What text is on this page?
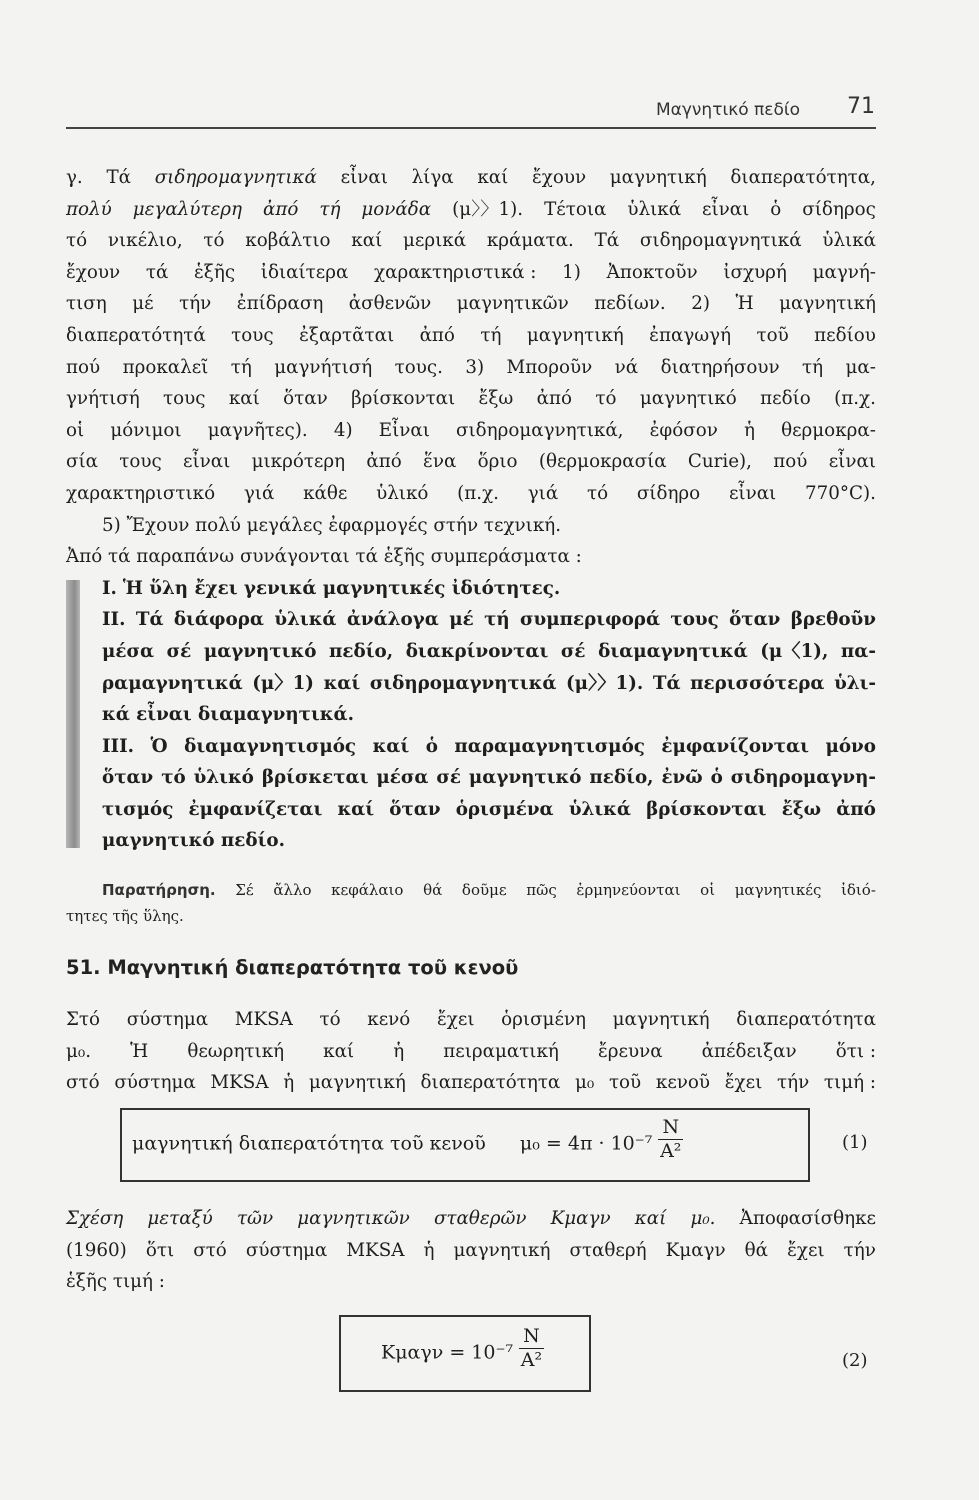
Μαγνητικό πεδίο	71
γ. Τά σιδηρομαγνητικά εἶναι λίγα καί ἔχουν μαγνητική διαπερατότητα,
πολύ μεγαλύτερη ἀπό τή μονάδα (μ〉〉1). Τέτοια ὑλικά εἶναι ὁ σίδηρος
τό νικέλιο, τό κοβάλτιο καί μερικά κράματα. Τά σιδηρομαγνητικά ὑλικά
ἔχουν τά ἑξῆς ἰδιαίτερα χαρακτηριστικά : 1) Ἀποκτοῦν ἰσχυρή μαγνή-
τιση μέ τήν ἐπίδραση ἀσθενῶν μαγνητικῶν πεδίων. 2) Ἡ μαγνητική
διαπερατότητά τους ἐξαρτᾶται ἀπό τή μαγνητική ἐπαγωγή τοῦ πεδίου
πού προκαλεῖ τή μαγνήτισή τους. 3) Μποροῦν νά διατηρήσουν τή μα-
γνήτισή τους καί ὅταν βρίσκονται ἔξω ἀπό τό μαγνητικό πεδίο (π.χ.
οἱ μόνιμοι μαγνῆτες). 4) Εἶναι σιδηρομαγνητικά, ἐφόσον ἡ θερμοκρα-
σία τους εἶναι μικρότερη ἀπό ἕνα ὅριο (θερμοκρασία Curie), πού εἶναι
χαρακτηριστικό γιά κάθε ὑλικό (π.χ. γιά τό σίδηρο εἶναι 770°C).
5) Ἔχουν πολύ μεγάλες ἐφαρμογές στήν τεχνική.
Ἀπό τά παραπάνω συνάγονται τά ἑξῆς συμπεράσματα :
I. Ἡ ὕλη ἔχει γενικά μαγνητικές ἰδιότητες.
II. Τά διάφορα ὑλικά ἀνάλογα μέ τή συμπεριφορά τους ὅταν βρεθοῦν
μέσα σέ μαγνητικό πεδίο, διακρίνονται σέ διαμαγνητικά (μ〈1), πα-
ραμαγνητικά (μ〉1) καί σιδηρομαγνητικά (μ〉〉1). Τά περισσότερα ὑλι-
κά εἶναι διαμαγνητικά.
III. Ὁ διαμαγνητισμός καί ὁ παραμαγνητισμός ἐμφανίζονται μόνο
ὅταν τό ὑλικό βρίσκεται μέσα σέ μαγνητικό πεδίο, ἐνῶ ὁ σιδηρομαγνη-
τισμός ἐμφανίζεται καί ὅταν ὁρισμένα ὑλικά βρίσκονται ἔξω ἀπό
μαγνητικό πεδίο.
Παρατήρηση. Σέ ἄλλο κεφάλαιο θά δοῦμε πῶς ἑρμηνεύονται οἱ μαγνητικές ἰδιό-
τητες τῆς ὕλης.
51. Μαγνητική διαπερατότητα τοῦ κενοῦ
Στό σύστημα MKSA τό κενό ἔχει ὁρισμένη μαγνητική διαπερατότητα
μ₀. Ἡ θεωρητική καί ἡ πειραματική ἔρευνα ἀπέδειξαν ὅτι :
στό σύστημα MKSA ἡ μαγνητική διαπερατότητα μ₀ τοῦ κενοῦ ἔχει τήν τιμή :
μαγνητική διαπερατότητα τοῦ κενοῦ $\mu_0 = 4\pi \cdot 10^{-7} \frac{N}{\text{A²}}$	(1)
Σχέση μεταξύ τῶν μαγνητικῶν σταθερῶν Kμαγν καί μ₀. Ἀποφασίσθηκε
(1960) ὅτι στό σύστημα MKSA ἡ μαγνητική σταθερή Kμαγν θά ἔχει τήν
ἑξῆς τιμή :
$K\mu\alpha\gamma\nu = 10^{-7} \frac{N}{\text{A²}}$	(2)
